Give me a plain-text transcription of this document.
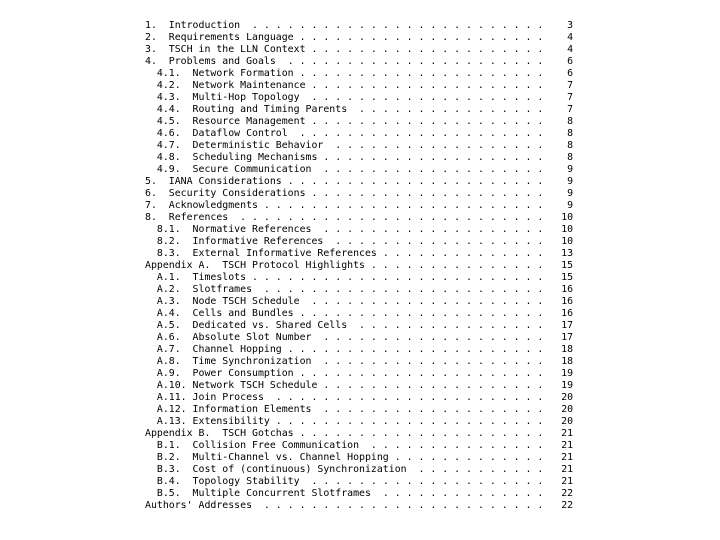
1.  Introduction  . . . . . . . . . . . . . . . . . . . . . . . . .    3
2.  Requirements Language . . . . . . . . . . . . . . . . . . . . .    4
3.  TSCH in the LLN Context . . . . . . . . . . . . . . . . . . . .    4
4.  Problems and Goals  . . . . . . . . . . . . . . . . . . . . . .    6
4.1.  Network Formation . . . . . . . . . . . . . . . . . . . . .    6
4.2.  Network Maintenance . . . . . . . . . . . . . . . . . . . .    7
4.3.  Multi-Hop Topology  . . . . . . . . . . . . . . . . . . . .    7
4.4.  Routing and Timing Parents  . . . . . . . . . . . . . . . .    7
4.5.  Resource Management . . . . . . . . . . . . . . . . . . . .    8
4.6.  Dataflow Control  . . . . . . . . . . . . . . . . . . . . .    8
4.7.  Deterministic Behavior  . . . . . . . . . . . . . . . . . .    8
4.8.  Scheduling Mechanisms . . . . . . . . . . . . . . . . . . .    8
4.9.  Secure Communication  . . . . . . . . . . . . . . . . . . .    9
5.  IANA Considerations . . . . . . . . . . . . . . . . . . . . . .    9
6.  Security Considerations . . . . . . . . . . . . . . . . . . . .    9
7.  Acknowledgments . . . . . . . . . . . . . . . . . . . . . . . .    9
8.  References  . . . . . . . . . . . . . . . . . . . . . . . . . .   10
8.1.  Normative References  . . . . . . . . . . . . . . . . . . .   10
8.2.  Informative References  . . . . . . . . . . . . . . . . . .   10
8.3.  External Informative References . . . . . . . . . . . . . .   13
Appendix A.  TSCH Protocol Highlights . . . . . . . . . . . . . . .   15
A.1.  Timeslots . . . . . . . . . . . . . . . . . . . . . . . . .   15
A.2.  Slotframes  . . . . . . . . . . . . . . . . . . . . . . . .   16
A.3.  Node TSCH Schedule  . . . . . . . . . . . . . . . . . . . .   16
A.4.  Cells and Bundles . . . . . . . . . . . . . . . . . . . . .   16
A.5.  Dedicated vs. Shared Cells  . . . . . . . . . . . . . . . .   17
A.6.  Absolute Slot Number  . . . . . . . . . . . . . . . . . . .   17
A.7.  Channel Hopping . . . . . . . . . . . . . . . . . . . . . .   18
A.8.  Time Synchronization  . . . . . . . . . . . . . . . . . . .   18
A.9.  Power Consumption . . . . . . . . . . . . . . . . . . . . .   19
A.10. Network TSCH Schedule . . . . . . . . . . . . . . . . . . .   19
A.11. Join Process  . . . . . . . . . . . . . . . . . . . . . . .   20
A.12. Information Elements  . . . . . . . . . . . . . . . . . . .   20
A.13. Extensibility . . . . . . . . . . . . . . . . . . . . . . .   20
Appendix B.  TSCH Gotchas . . . . . . . . . . . . . . . . . . . . .   21
B.1.  Collision Free Communication  . . . . . . . . . . . . . . .   21
B.2.  Multi-Channel vs. Channel Hopping . . . . . . . . . . . . .   21
B.3.  Cost of (continuous) Synchronization  . . . . . . . . . . .   21
B.4.  Topology Stability  . . . . . . . . . . . . . . . . . . . .   21
B.5.  Multiple Concurrent Slotframes  . . . . . . . . . . . . . .   22
Authors' Addresses  . . . . . . . . . . . . . . . . . . . . . . . .   22
